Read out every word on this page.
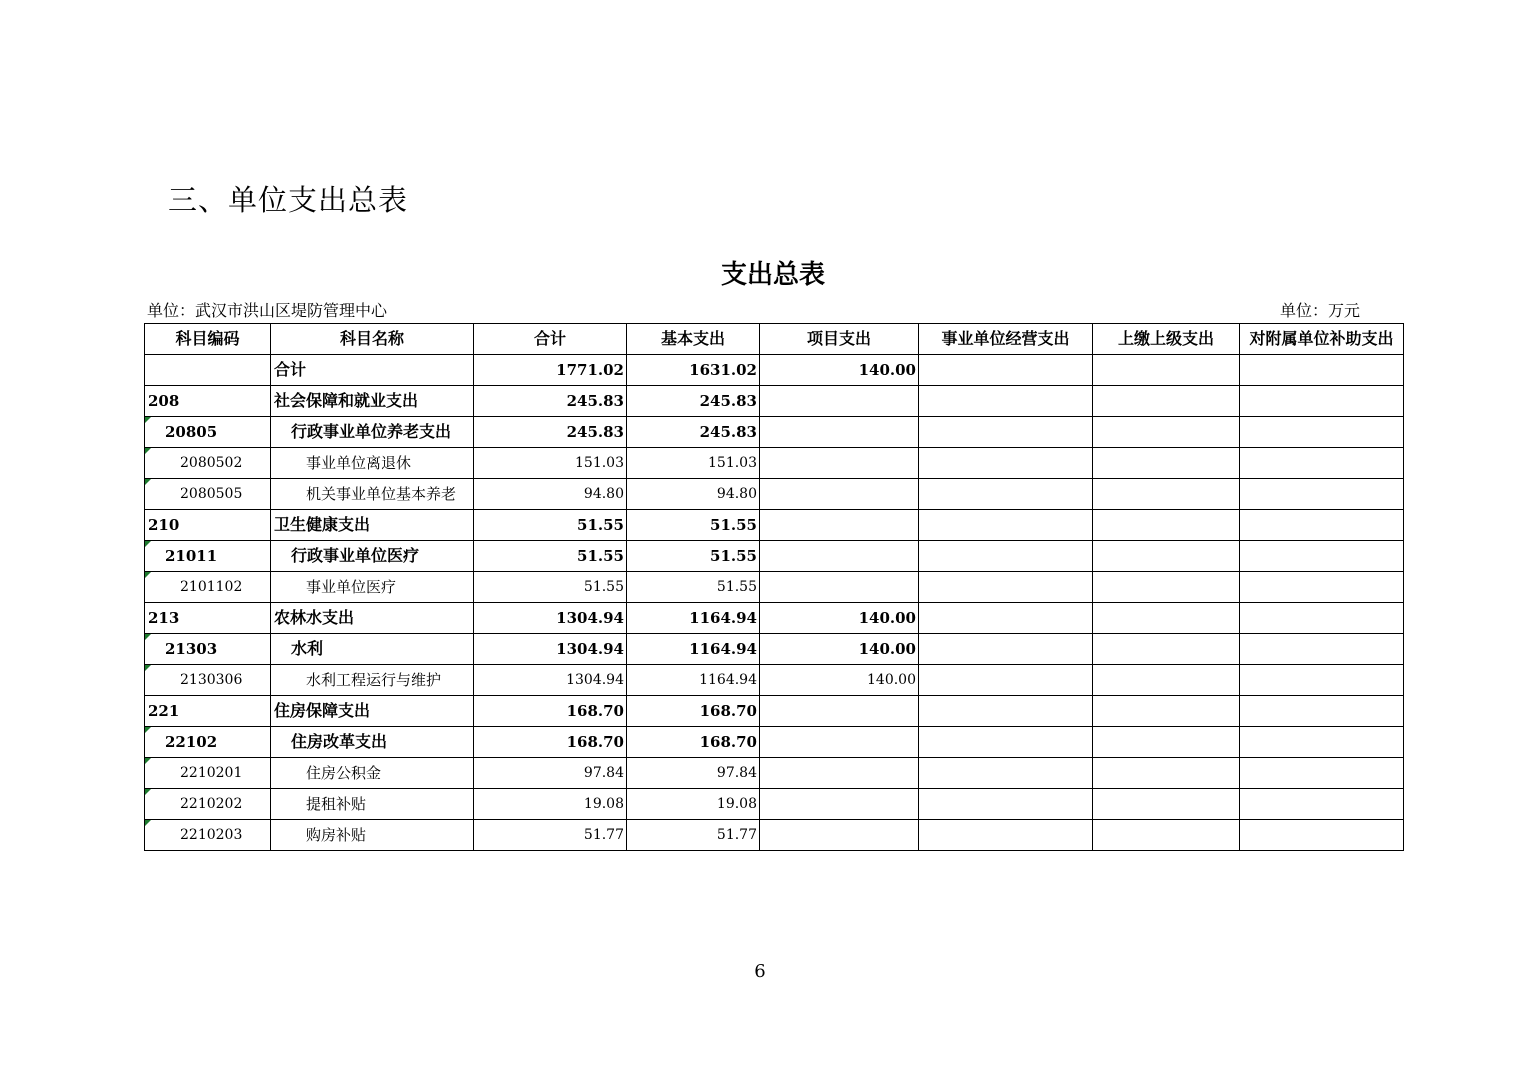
三、单位支出总表
支出总表
单位：武汉市洪山区堤防管理中心	单位：万元
科目编码	科目名称	合计	基本支出	项目支出	事业单位经营支出	上缴上级支出	对附属单位补助支出
	合计	1771.02	1631.02	140.00			
208	社会保障和就业支出	245.83	245.83				

20805	行政事业单位养老支出	245.83	245.83				

2080502	事业单位离退休	151.03	151.03				

2080505	机关事业单位基本养老	94.80	94.80				
210	卫生健康支出	51.55	51.55				

21011	行政事业单位医疗	51.55	51.55				

2101102	事业单位医疗	51.55	51.55				
213	农林水支出	1304.94	1164.94	140.00			

21303	水利	1304.94	1164.94	140.00			

2130306	水利工程运行与维护	1304.94	1164.94	140.00			
221	住房保障支出	168.70	168.70				

22102	住房改革支出	168.70	168.70				

2210201	住房公积金	97.84	97.84				

2210202	提租补贴	19.08	19.08				

2210203	购房补贴	51.77	51.77				
6
